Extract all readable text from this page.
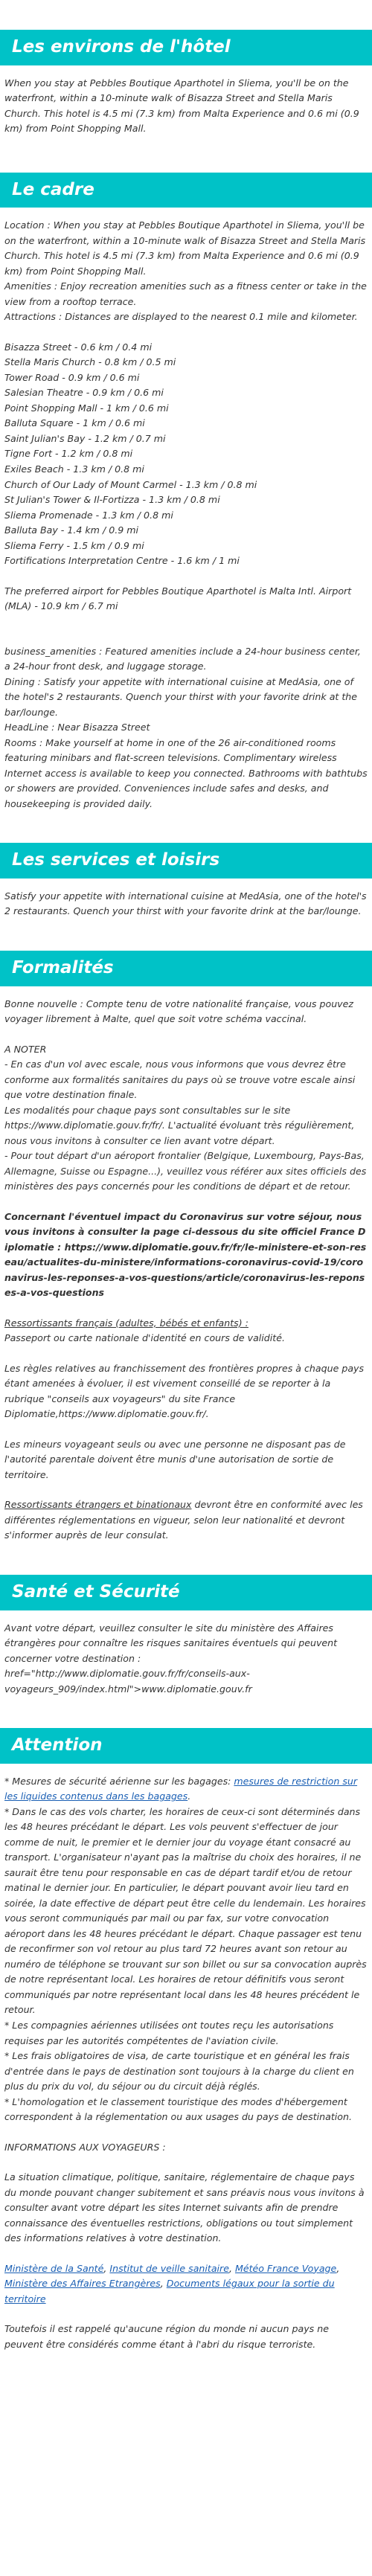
Les environs de l'hôtel

When you stay at Pebbles Boutique Aparthotel in Sliema, you'll be on the waterfront, within a 10-minute walk of Bisazza Street and Stella Maris Church. This hotel is 4.5 mi (7.3 km) from Malta Experience and 0.6 mi (0.9 km) from Point Shopping Mall.

Le cadre

Location : When you stay at Pebbles Boutique Aparthotel in Sliema, you'll be on the waterfront, within a 10-minute walk of Bisazza Street and Stella Maris Church. This hotel is 4.5 mi (7.3 km) from Malta Experience and 0.6 mi (0.9 km) from Point Shopping Mall.

Amenities : Enjoy recreation amenities such as a fitness center or take in the view from a rooftop terrace.

Attractions : Distances are displayed to the nearest 0.1 mile and kilometer.

Bisazza Street - 0.6 km / 0.4 mi
Stella Maris Church - 0.8 km / 0.5 mi
Tower Road - 0.9 km / 0.6 mi
Salesian Theatre - 0.9 km / 0.6 mi
Point Shopping Mall - 1 km / 0.6 mi
Balluta Square - 1 km / 0.6 mi
Saint Julian's Bay - 1.2 km / 0.7 mi
Tigne Fort - 1.2 km / 0.8 mi
Exiles Beach - 1.3 km / 0.8 mi
Church of Our Lady of Mount Carmel - 1.3 km / 0.8 mi
St Julian's Tower & Il-Fortizza - 1.3 km / 0.8 mi
Sliema Promenade - 1.3 km / 0.8 mi
Balluta Bay - 1.4 km / 0.9 mi
Sliema Ferry - 1.5 km / 0.9 mi
Fortifications Interpretation Centre - 1.6 km / 1 mi

The preferred airport for Pebbles Boutique Aparthotel is Malta Intl. Airport (MLA) - 10.9 km / 6.7 mi

business_amenities : Featured amenities include a 24-hour business center, a 24-hour front desk, and luggage storage.

Dining : Satisfy your appetite with international cuisine at MedAsia, one of the hotel's 2 restaurants. Quench your thirst with your favorite drink at the bar/lounge.

HeadLine : Near Bisazza Street

Rooms : Make yourself at home in one of the 26 air-conditioned rooms featuring minibars and flat-screen televisions. Complimentary wireless Internet access is available to keep you connected. Bathrooms with bathtubs or showers are provided. Conveniences include safes and desks, and housekeeping is provided daily.

Les services et loisirs

Satisfy your appetite with international cuisine at MedAsia, one of the hotel's 2 restaurants. Quench your thirst with your favorite drink at the bar/lounge.

Formalités

Bonne nouvelle : Compte tenu de votre nationalité française, vous pouvez voyager librement à Malte, quel que soit votre schéma vaccinal.

A NOTER

- En cas d'un vol avec escale, nous vous informons que vous devrez être conforme aux formalités sanitaires du pays où se trouve votre escale ainsi que votre destination finale.

Les modalités pour chaque pays sont consultables sur le site https://www.diplomatie.gouv.fr/fr/. L'actualité évoluant très régulièrement, nous vous invitons à consulter ce lien avant votre départ.

- Pour tout départ d'un aéroport frontalier (Belgique, Luxembourg, Pays-Bas, Allemagne, Suisse ou Espagne...), veuillez vous référer aux sites officiels des ministères des pays concernés pour les conditions de départ et de retour.

Concernant l'éventuel impact du Coronavirus sur votre séjour, nous vous invitons à consulter la page ci-dessous du site officiel France Diplomatie : https://www.diplomatie.gouv.fr/fr/le-ministere-et-son-reseau/actualites-du-ministere/informations-coronavirus-covid-19/coronavirus-les-reponses-a-vos-questions/article/coronavirus-les-reponses-a-vos-questions

Ressortissants français (adultes, bébés et enfants) :

Passeport ou carte nationale d'identité en cours de validité.

Les règles relatives au franchissement des frontières propres à chaque pays étant amenées à évoluer, il est vivement conseillé de se reporter à la rubrique "conseils aux voyageurs" du site France Diplomatie,https://www.diplomatie.gouv.fr/.

Les mineurs voyageant seuls ou avec une personne ne disposant pas de l'autorité parentale doivent être munis d'une autorisation de sortie de territoire.

Ressortissants étrangers et binationaux devront être en conformité avec les différentes réglementations en vigueur, selon leur nationalité et devront s'informer auprès de leur consulat.

Santé et Sécurité

Avant votre départ, veuillez consulter le site du ministère des Affaires étrangères pour connaître les risques sanitaires éventuels qui peuvent concerner votre destination : href="http://www.diplomatie.gouv.fr/fr/conseils-aux-voyageurs_909/index.html">www.diplomatie.gouv.fr

Attention

* Mesures de sécurité aérienne sur les bagages: mesures de restriction sur les liquides contenus dans les bagages.

* Dans le cas des vols charter, les horaires de ceux-ci sont déterminés dans les 48 heures précédant le départ. Les vols peuvent s'effectuer de jour comme de nuit, le premier et le dernier jour du voyage étant consacré au transport. L'organisateur n'ayant pas la maîtrise du choix des horaires, il ne saurait être tenu pour responsable en cas de départ tardif et/ou de retour matinal le dernier jour. En particulier, le départ pouvant avoir lieu tard en soirée, la date effective de départ peut être celle du lendemain. Les horaires vous seront communiqués par mail ou par fax, sur votre convocation aéroport dans les 48 heures précédant le départ. Chaque passager est tenu de reconfirmer son vol retour au plus tard 72 heures avant son retour au numéro de téléphone se trouvant sur son billet ou sur sa convocation auprès de notre représentant local. Les horaires de retour définitifs vous seront communiqués par notre représentant local dans les 48 heures précédent le retour.

* Les compagnies aériennes utilisées ont toutes reçu les autorisations requises par les autorités compétentes de l'aviation civile.

* Les frais obligatoires de visa, de carte touristique et en général les frais d'entrée dans le pays de destination sont toujours à la charge du client en plus du prix du vol, du séjour ou du circuit déjà réglés.

* L'homologation et le classement touristique des modes d'hébergement correspondent à la réglementation ou aux usages du pays de destination.

INFORMATIONS AUX VOYAGEURS :

La situation climatique, politique, sanitaire, réglementaire de chaque pays du monde pouvant changer subitement et sans préavis nous vous invitons à consulter avant votre départ les sites Internet suivants afin de prendre connaissance des éventuelles restrictions, obligations ou tout simplement des informations relatives à votre destination.

Ministère de la Santé, Institut de veille sanitaire, Météo France Voyage, Ministère des Affaires Etrangères, Documents légaux pour la sortie du territoire

Toutefois il est rappelé qu'aucune région du monde ni aucun pays ne peuvent être considérés comme étant à l'abri du risque terroriste.
